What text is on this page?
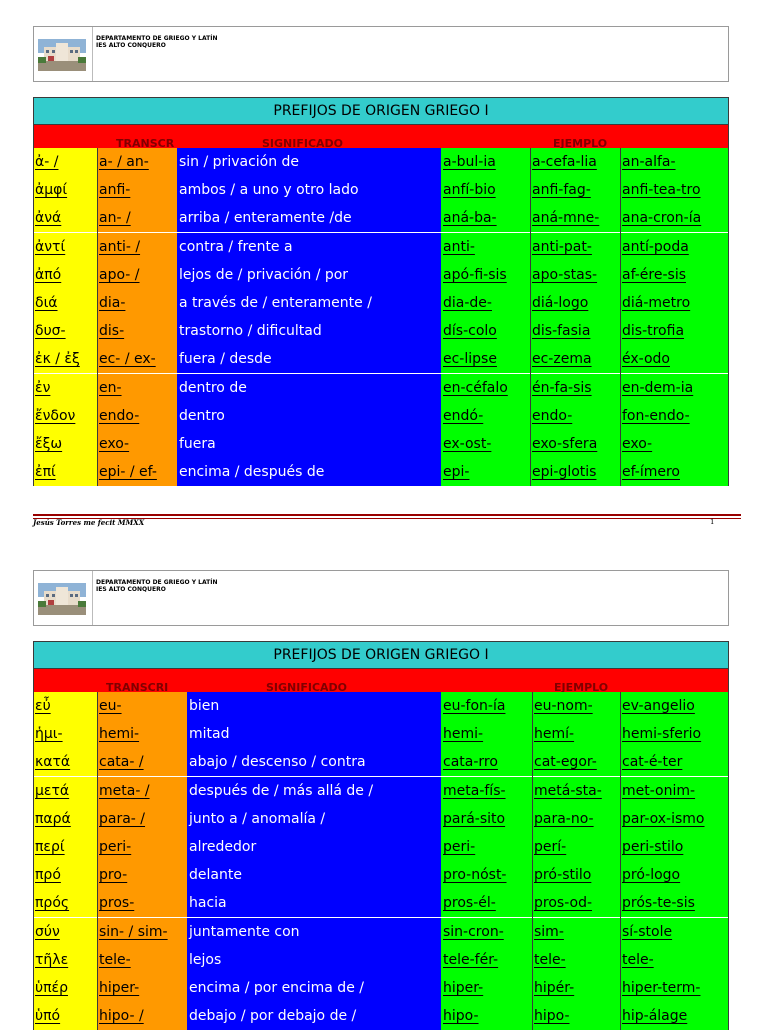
DEPARTAMENTO DE GRIEGO Y LATÍN
IES ALTO CONQUERO
PREFIJOS DE ORIGEN GRIEGO I
TRANSCR	SIGNIFICADO	EJEMPLO
ἀ- /	a- / an-	sin / privación de	a-bul-ia	a-cefa-lia	an-alfa-
ἀμφί	anfi-	ambos / a uno y otro lado	anfí-bio	anfi-fag-	anfi-tea-tro
ἀνά	an- /	arriba / enteramente /de	aná-ba-	aná-mne-	ana-cron-ía
ἀντί	anti- /	contra / frente a	anti-	anti-pat-	antí-poda
ἀπό	apo- /	lejos de / privación / por	apó-fi-sis	apo-stas-	af-ére-sis
διά	dia-	a través de / enteramente /	dia-de-	diá-logo	diá-metro
δυσ-	dis-	trastorno / dificultad	dís-colo	dis-fasia	dis-trofia
ἐκ / ἐξ	ec- / ex-	fuera / desde	ec-lipse	ec-zema	éx-odo
ἐν	en-	dentro de	en-céfalo	én-fa-sis	en-dem-ia
ἔνδον	endo-	dentro	endó-	endo-	fon-endo-
ἔξω	exo-	fuera	ex-ost-	exo-sfera	exo-
ἐπί	epi- / ef-	encima / después de	epi-	epi-glotis	ef-ímero
Jesús Torres me fecit MMXX	1
DEPARTAMENTO DE GRIEGO Y LATÍN
IES ALTO CONQUERO
PREFIJOS DE ORIGEN GRIEGO I
TRANSCRI	SIGNIFICADO	EJEMPLO
εὖ	eu-	bien	eu-fon-ía	eu-nom-	ev-angelio
ἡμι-	hemi-	mitad	hemi-	hemí-	hemi-sferio
κατά	cata- /	abajo / descenso / contra	cata-rro	cat-egor-	cat-é-ter
μετά	meta- /	después de / más allá de /	meta-fís-	metá-sta-	met-onim-
παρά	para- /	junto a / anomalía /	pará-sito	para-no-	par-ox-ismo
περί	peri-	alrededor	peri-	perí-	peri-stilo
πρό	pro-	delante	pro-nóst-	pró-stilo	pró-logo
πρός	pros-	hacia	pros-él-	pros-od-	prós-te-sis
σύν	sin- / sim-	juntamente con	sin-cron-	sim-	sí-stole
τῆλε	tele-	lejos	tele-fér-	tele-	tele-
ὑπέρ	hiper-	encima / por encima de /	hiper-	hipér-	hiper-term-
ὑπό	hipo- /	debajo / por debajo de /	hipo-	hipo-	hip-álage
